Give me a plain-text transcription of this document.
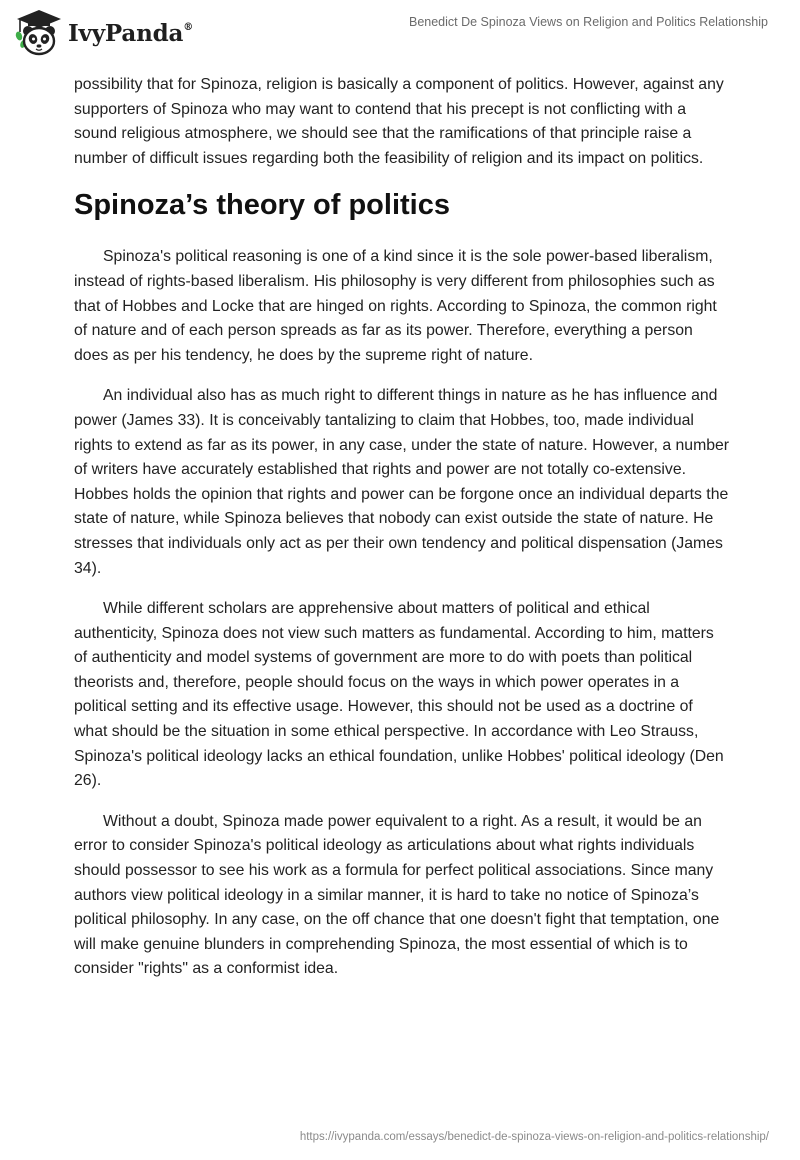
IvyPanda®	Benedict De Spinoza Views on Religion and Politics Relationship

possibility that for Spinoza, religion is basically a component of politics. However, against any supporters of Spinoza who may want to contend that his precept is not conflicting with a sound religious atmosphere, we should see that the ramifications of that principle raise a number of difficult issues regarding both the feasibility of religion and its impact on politics.

Spinoza’s theory of politics

Spinoza's political reasoning is one of a kind since it is the sole power-based liberalism, instead of rights-based liberalism. His philosophy is very different from philosophies such as that of Hobbes and Locke that are hinged on rights. According to Spinoza, the common right of nature and of each person spreads as far as its power. Therefore, everything a person does as per his tendency, he does by the supreme right of nature.

An individual also has as much right to different things in nature as he has influence and power (James 33). It is conceivably tantalizing to claim that Hobbes, too, made individual rights to extend as far as its power, in any case, under the state of nature. However, a number of writers have accurately established that rights and power are not totally co-extensive. Hobbes holds the opinion that rights and power can be forgone once an individual departs the state of nature, while Spinoza believes that nobody can exist outside the state of nature. He stresses that individuals only act as per their own tendency and political dispensation (James 34).

While different scholars are apprehensive about matters of political and ethical authenticity, Spinoza does not view such matters as fundamental. According to him, matters of authenticity and model systems of government are more to do with poets than political theorists and, therefore, people should focus on the ways in which power operates in a political setting and its effective usage. However, this should not be used as a doctrine of what should be the situation in some ethical perspective. In accordance with Leo Strauss, Spinoza's political ideology lacks an ethical foundation, unlike Hobbes' political ideology (Den 26).

Without a doubt, Spinoza made power equivalent to a right. As a result, it would be an error to consider Spinoza's political ideology as articulations about what rights individuals should possessor to see his work as a formula for perfect political associations. Since many authors view political ideology in a similar manner, it is hard to take no notice of Spinoza’s political philosophy. In any case, on the off chance that one doesn't fight that temptation, one will make genuine blunders in comprehending Spinoza, the most essential of which is to consider "rights" as a conformist idea.

https://ivypanda.com/essays/benedict-de-spinoza-views-on-religion-and-politics-relationship/
